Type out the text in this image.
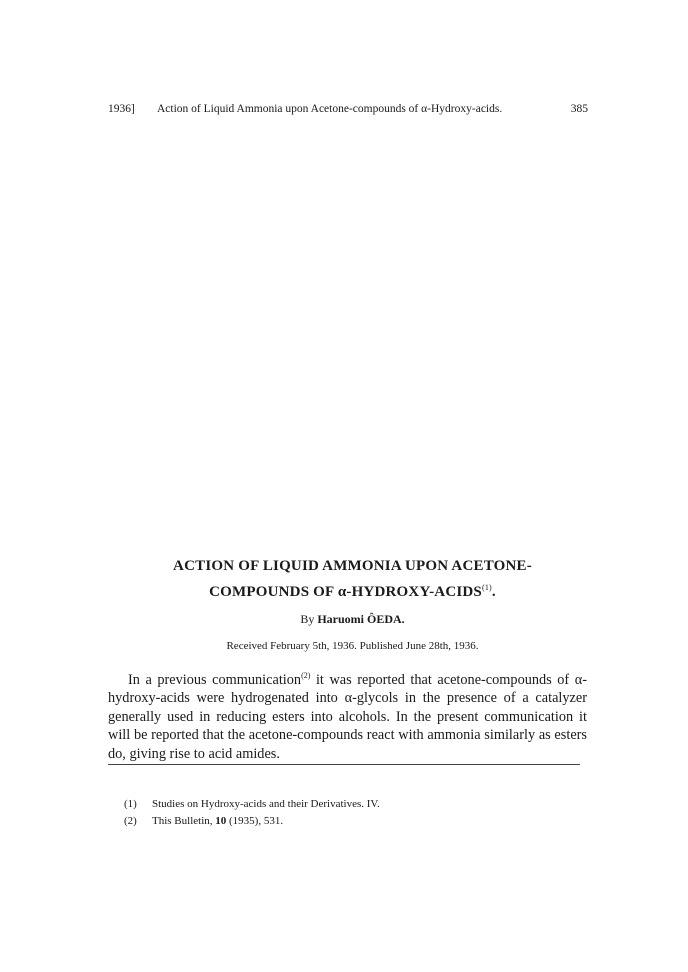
1936] Action of Liquid Ammonia upon Acetone-compounds of α-Hydroxy-acids.	385
ACTION OF LIQUID AMMONIA UPON ACETONE-
COMPOUNDS OF α-HYDROXY-ACIDS$^{(1)}$.
By Haruomi ÔEDA.
Received February 5th, 1936. Published June 28th, 1936.

In a previous communication$^{(2)}$ it was reported that acetone-compounds of α-hydroxy-acids were hydrogenated into α-glycols in the presence of a catalyzer generally used in reducing esters into alcohols. In the present communication it will be reported that the acetone-compounds react with ammonia similarly as esters do, giving rise to acid amides.

(1) Studies on Hydroxy-acids and their Derivatives. IV.
(2) This Bulletin, 10 (1935), 531.
